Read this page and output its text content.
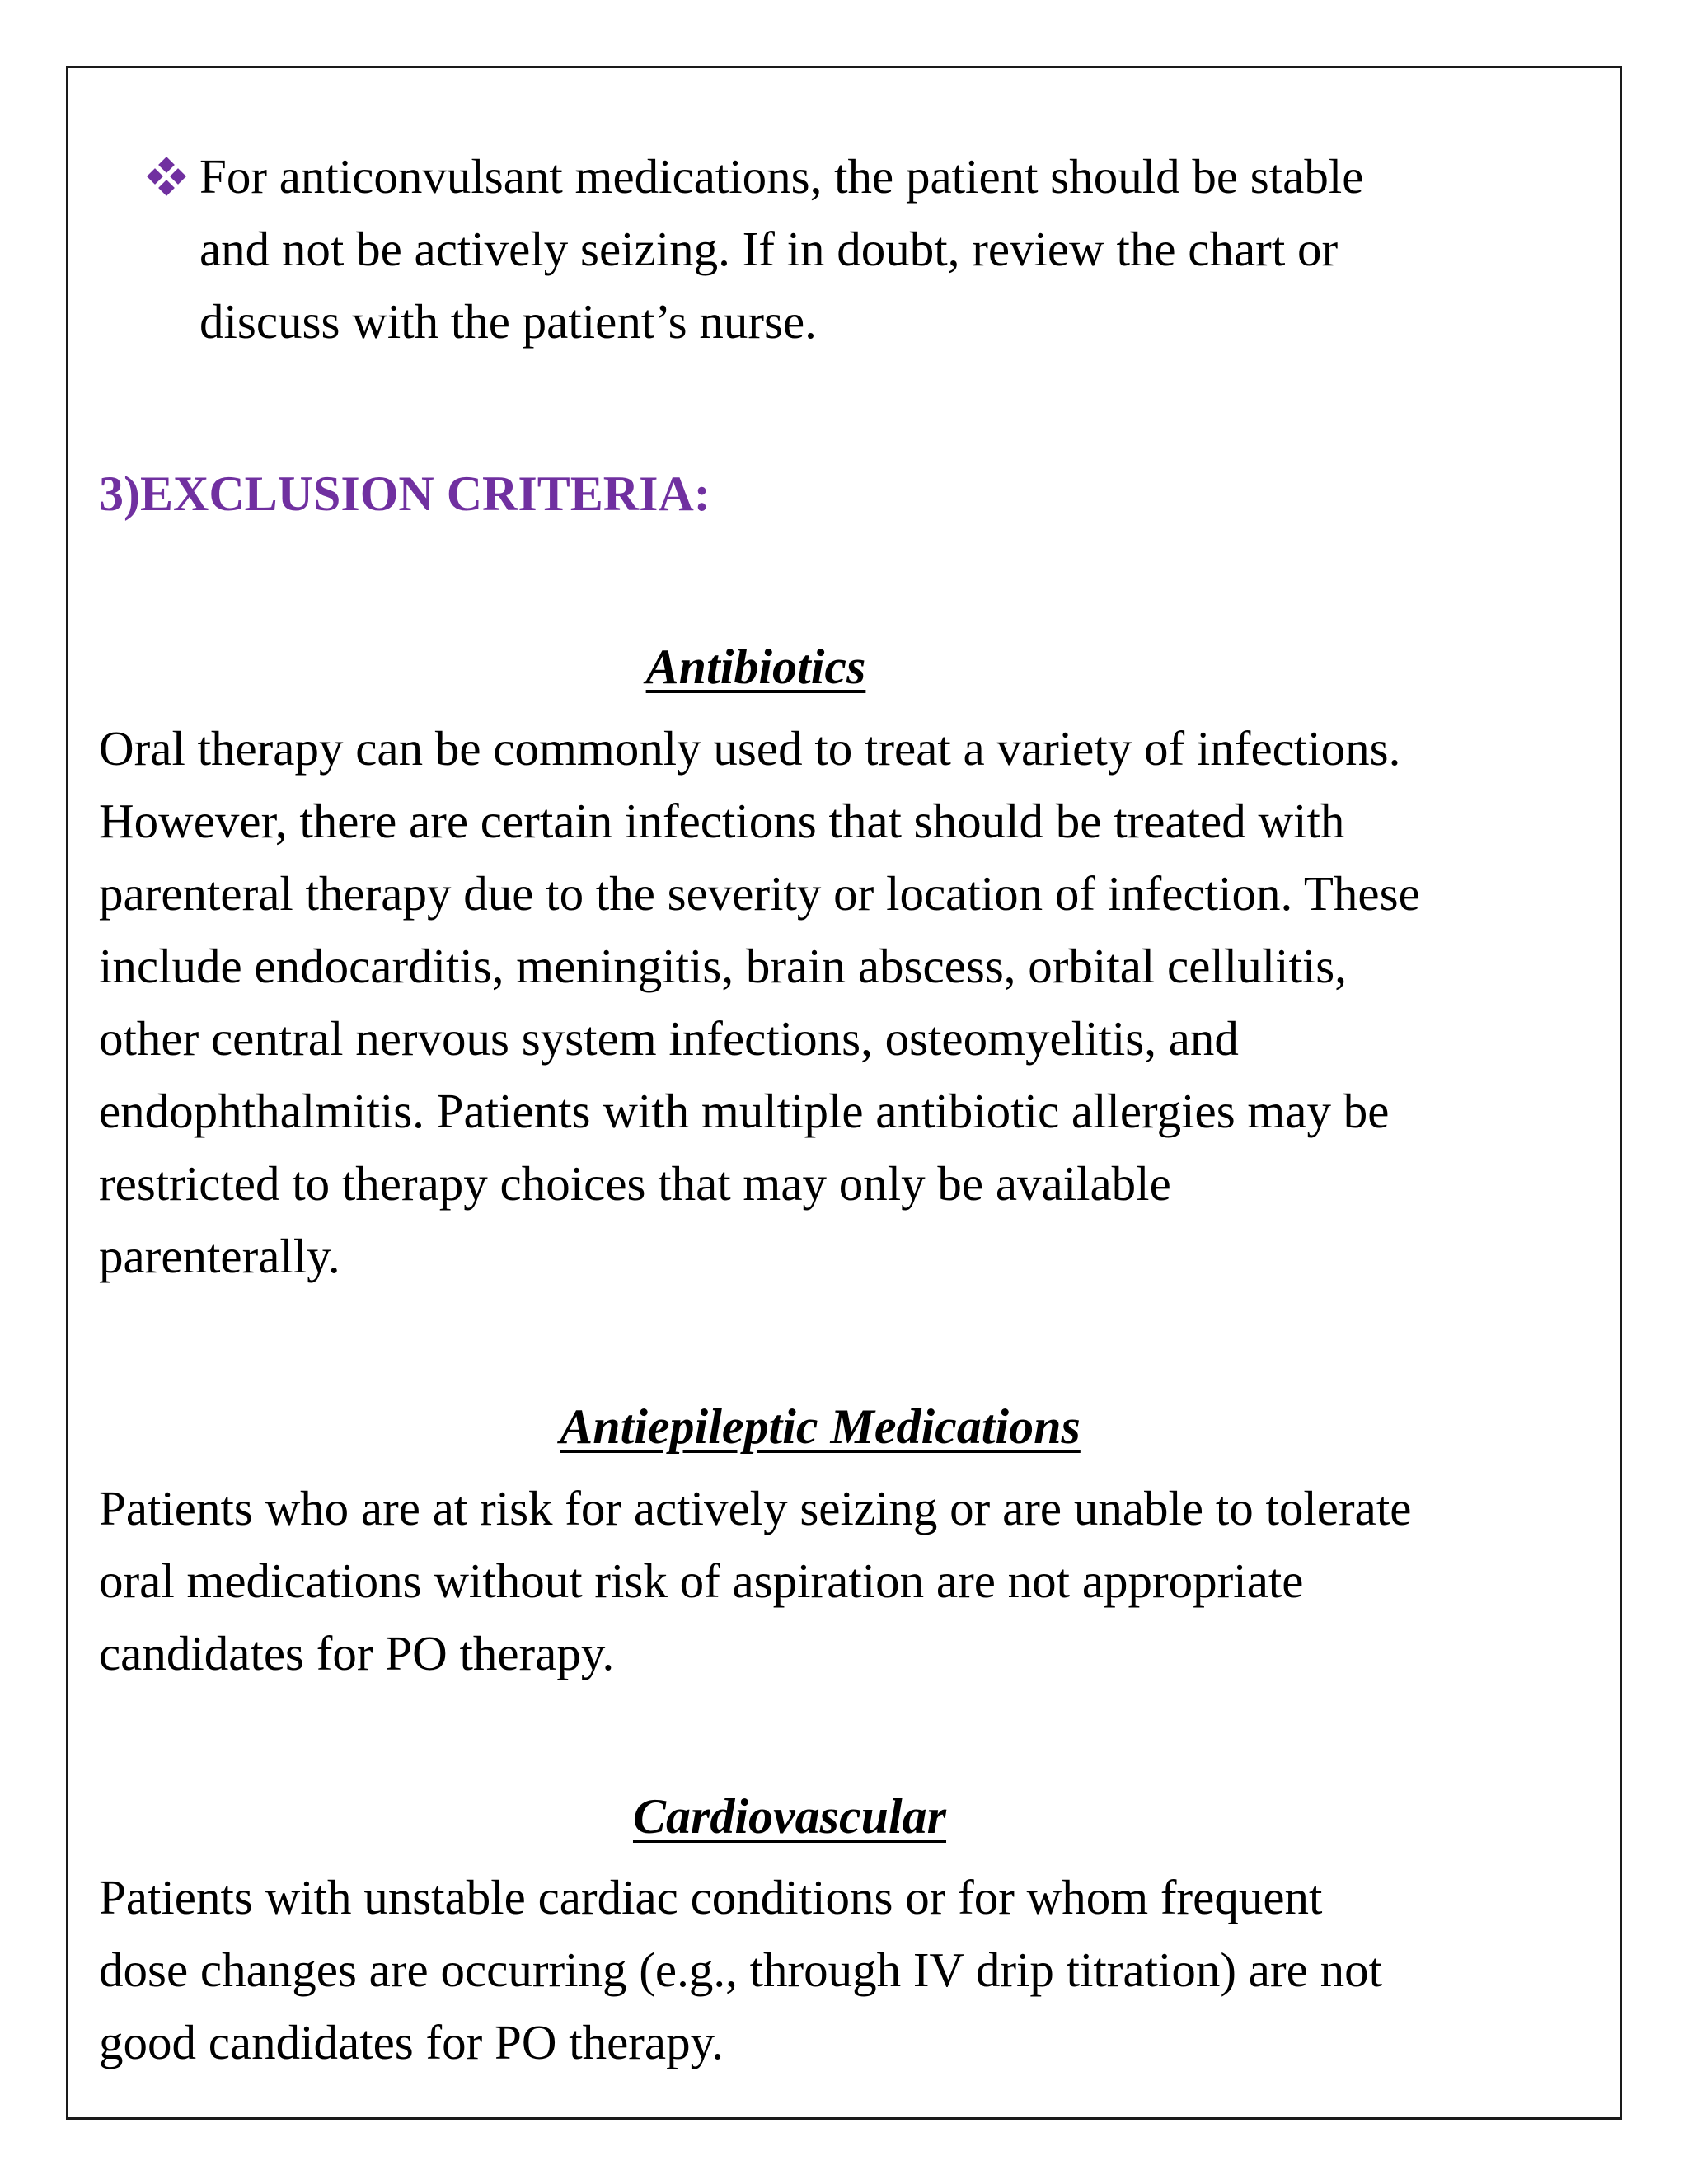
For anticonvulsant medications, the patient should be stable
and not be actively seizing. If in doubt, review the chart or
discuss with the patient’s nurse.
3)EXCLUSION CRITERIA:
Antibiotics
Oral therapy can be commonly used to treat a variety of infections.
However, there are certain infections that should be treated with
parenteral therapy due to the severity or location of infection. These
include endocarditis, meningitis, brain abscess, orbital cellulitis,
other central nervous system infections, osteomyelitis, and
endophthalmitis. Patients with multiple antibiotic allergies may be
restricted to therapy choices that may only be available
parenterally.
Antiepileptic Medications
Patients who are at risk for actively seizing or are unable to tolerate
oral medications without risk of aspiration are not appropriate
candidates for PO therapy.
Cardiovascular
Patients with unstable cardiac conditions or for whom frequent
dose changes are occurring (e.g., through IV drip titration) are not
good candidates for PO therapy.
